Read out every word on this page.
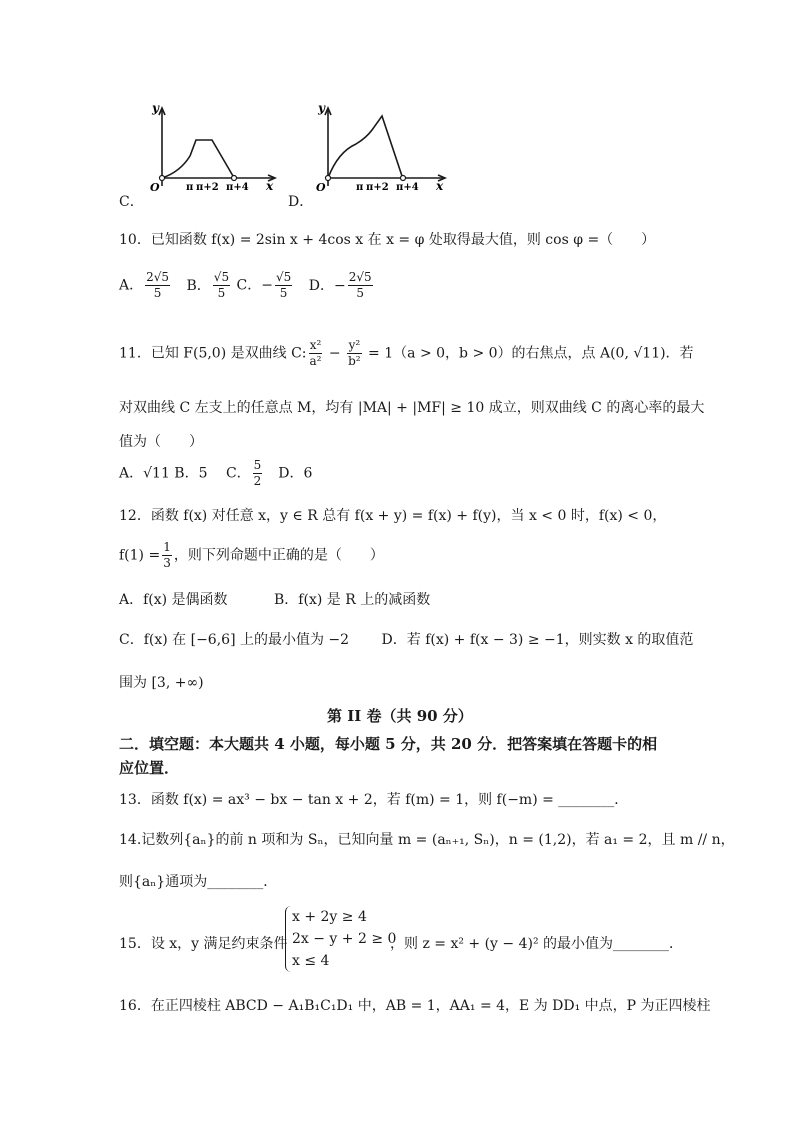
y
x
O	π π+2 π+4
y
x
O	π π+2 π+4
C．	D．
10．已知函数 f(x) = 2sin x + 4cos x 在 x = φ 处取得最大值，则 cos φ =（　　）
A． $\frac{2√5}{5}$ B． $\frac{√5}{5}$ C．− $\frac{√5}{5}$ D．− $\frac{2√5}{5}$
11．已知 F(5,0) 是双曲线 C: $\frac{\text{x²}}{\text{a²}} - \frac{\text{y²}}{\text{b²}} = 1(a > 0$，b > 0）的右焦点，点 A(0, √11)．若
对双曲线 C 左支上的任意点 M，均有 |MA| + |MF| ≥ 10 成立，则双曲线 C 的离心率的最大
值为（　　）
A．√11 B．5　 C． $\frac{5}{2}$ 　D．6
12．函数 f(x) 对任意 x，y ∈ R 总有 f(x + y) = f(x) + f(y)，当 x < 0 时，f(x) < 0，
$f(1) = \frac{1}{3}$ ，则下列命题中正确的是（　　）
A．f(x) 是偶函数　　　 B．f(x) 是 R 上的减函数
C．f(x) 在 [−6,6] 上的最小值为 −2　　 D．若 f(x) + f(x − 3) ≥ −1，则实数 x 的取值范
围为 [3, +∞)
第 II 卷（共 90 分）
二．填空题：本大题共 4 小题，每小题 5 分，共 20 分．把答案填在答题卡的相
应位置．
13．函数 f(x) = ax³ − bx − tan x + 2，若 f(m) = 1，则 f(−m) = ________．
14.记数列{aₙ}的前 n 项和为 Sₙ，已知向量 m = (aₙ₊₁, Sₙ)，n = (1,2)，若 a₁ = 2，且 m // n，
则{aₙ}通项为________．
15．设 x，y 满足约束条件
x + 2y ≥ 4
2x − y + 2 ≥ 0
x ≤ 4
，则 z = x² + (y − 4)² 的最小值为________．
16．在正四棱柱 ABCD − A₁B₁C₁D₁ 中，AB = 1，AA₁ = 4，E 为 DD₁ 中点，P 为正四棱柱
